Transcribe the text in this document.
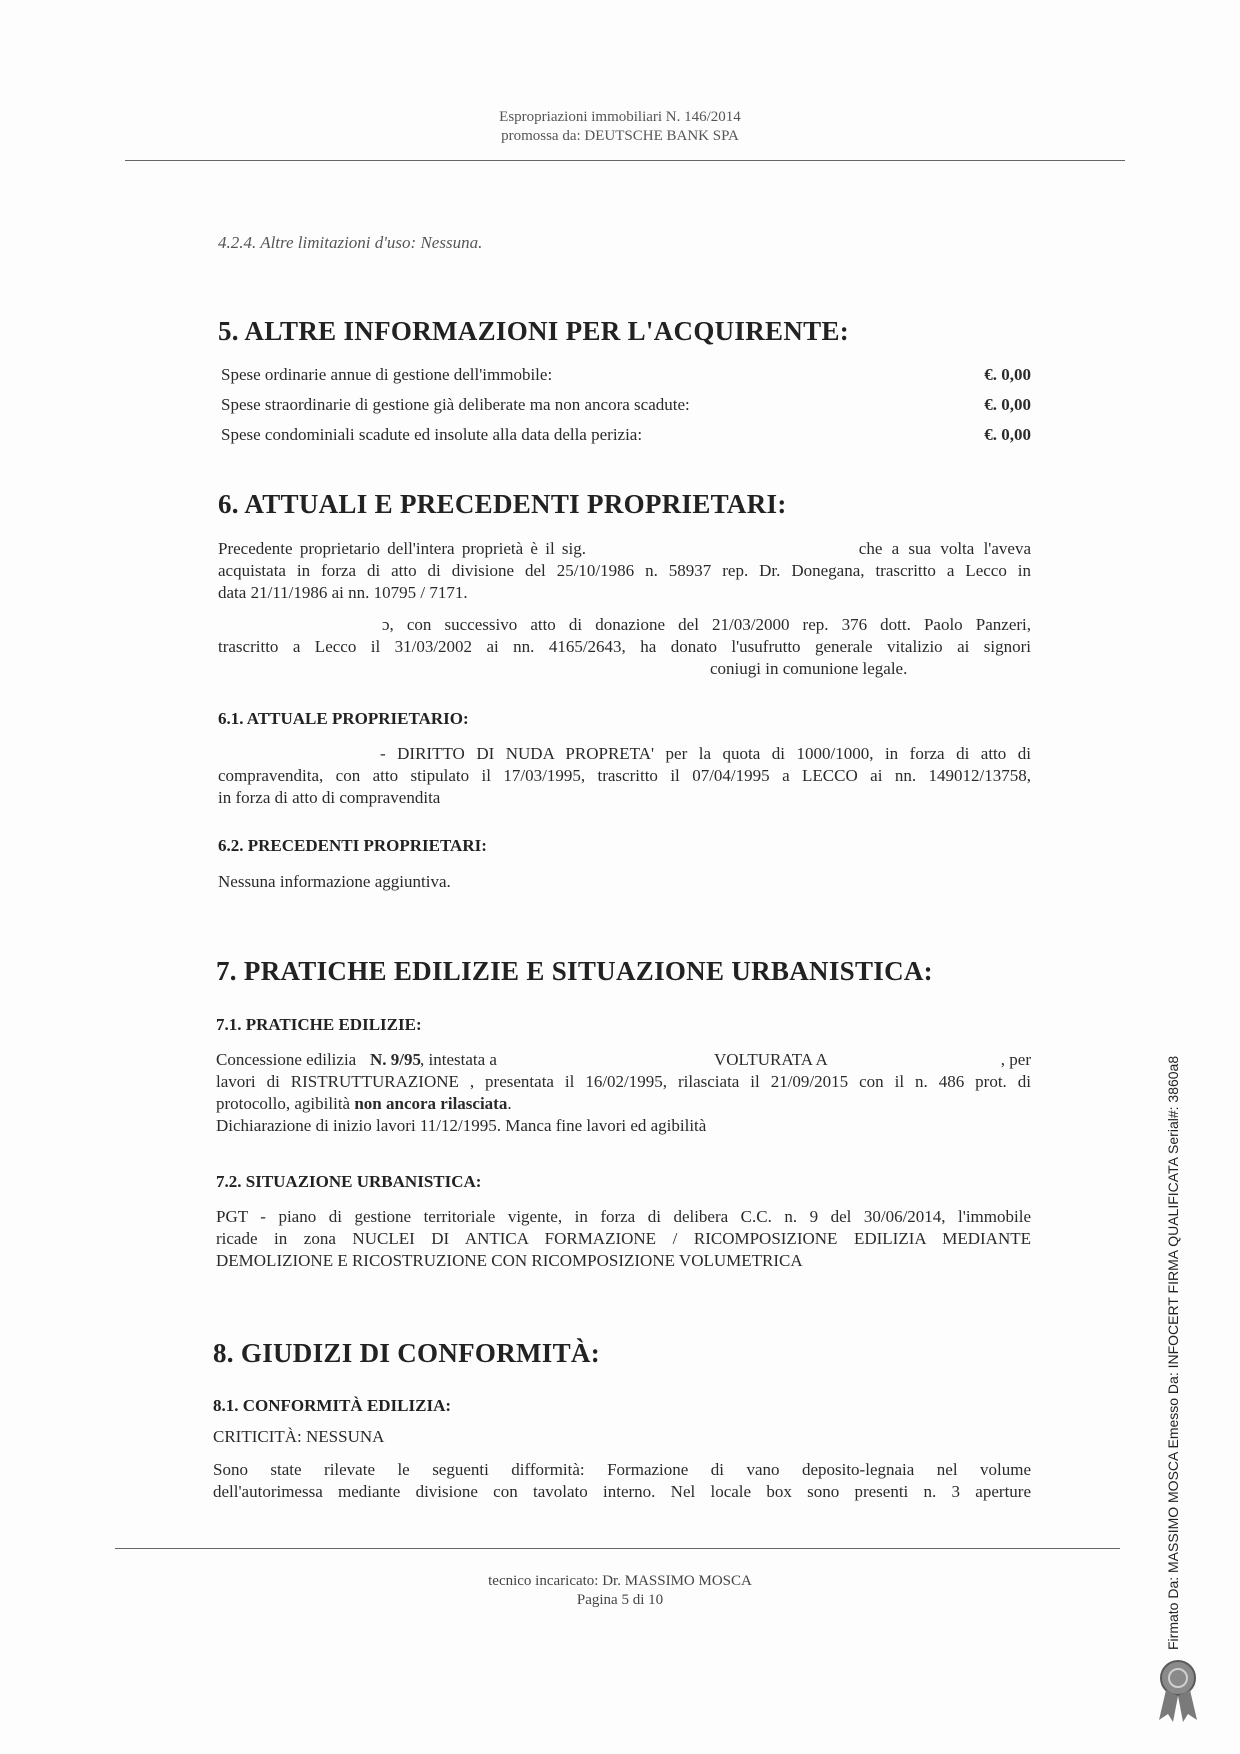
Espropriazioni immobiliari N. 146/2014
promossa da: DEUTSCHE BANK SPA
4.2.4. Altre limitazioni d'uso: Nessuna.
5. ALTRE INFORMAZIONI PER L'ACQUIRENTE:
Spese ordinarie annue di gestione dell'immobile:	€. 0,00
Spese straordinarie di gestione già deliberate ma non ancora scadute:	€. 0,00
Spese condominiali scadute ed insolute alla data della perizia:	€. 0,00
6. ATTUALI E PRECEDENTI PROPRIETARI:
Precedente proprietario dell'intera proprietà è il sig.	che a sua volta l'aveva
acquistata in forza di atto di divisione del 25/10/1986 n. 58937 rep. Dr. Donegana, trascritto a Lecco in
data 21/11/1986 ai nn. 10795 / 7171.
ɔ, con successivo atto di donazione del 21/03/2000 rep. 376 dott. Paolo Panzeri,
trascritto a Lecco il 31/03/2002 ai nn. 4165/2643, ha donato l'usufrutto generale vitalizio ai signori
coniugi in comunione legale.
6.1. ATTUALE PROPRIETARIO:
- DIRITTO DI NUDA PROPRETA' per la quota di 1000/1000, in forza di atto di
compravendita, con atto stipulato il 17/03/1995, trascritto il 07/04/1995 a LECCO ai nn. 149012/13758,
in forza di atto di compravendita
6.2. PRECEDENTI PROPRIETARI:
Nessuna informazione aggiuntiva.
7. PRATICHE EDILIZIE E SITUAZIONE URBANISTICA:
7.1. PRATICHE EDILIZIE:
Concessione edilizia N. 9/95 , intestata a	VOLTURATA A	, per
lavori di RISTRUTTURAZIONE , presentata il 16/02/1995, rilasciata il 21/09/2015 con il n. 486 prot. di
protocollo, agibilità non ancora rilasciata.
Dichiarazione di inizio lavori 11/12/1995. Manca fine lavori ed agibilità
7.2. SITUAZIONE URBANISTICA:
PGT - piano di gestione territoriale vigente, in forza di delibera C.C. n. 9 del 30/06/2014, l'immobile
ricade in zona NUCLEI DI ANTICA FORMAZIONE / RICOMPOSIZIONE EDILIZIA MEDIANTE
DEMOLIZIONE E RICOSTRUZIONE CON RICOMPOSIZIONE VOLUMETRICA
8. GIUDIZI DI CONFORMITÀ:
8.1. CONFORMITÀ EDILIZIA:
CRITICITÀ: NESSUNA
Sono state rilevate le seguenti difformità: Formazione di vano deposito-legnaia nel volume
dell'autorimessa mediante divisione con tavolato interno. Nel locale box sono presenti n. 3 aperture
tecnico incaricato: Dr. MASSIMO MOSCA
Pagina 5 di 10	Firmato Da: MASSIMO MOSCA Emesso Da: INFOCERT FIRMA QUALIFICATA Serial#: 3860a8
